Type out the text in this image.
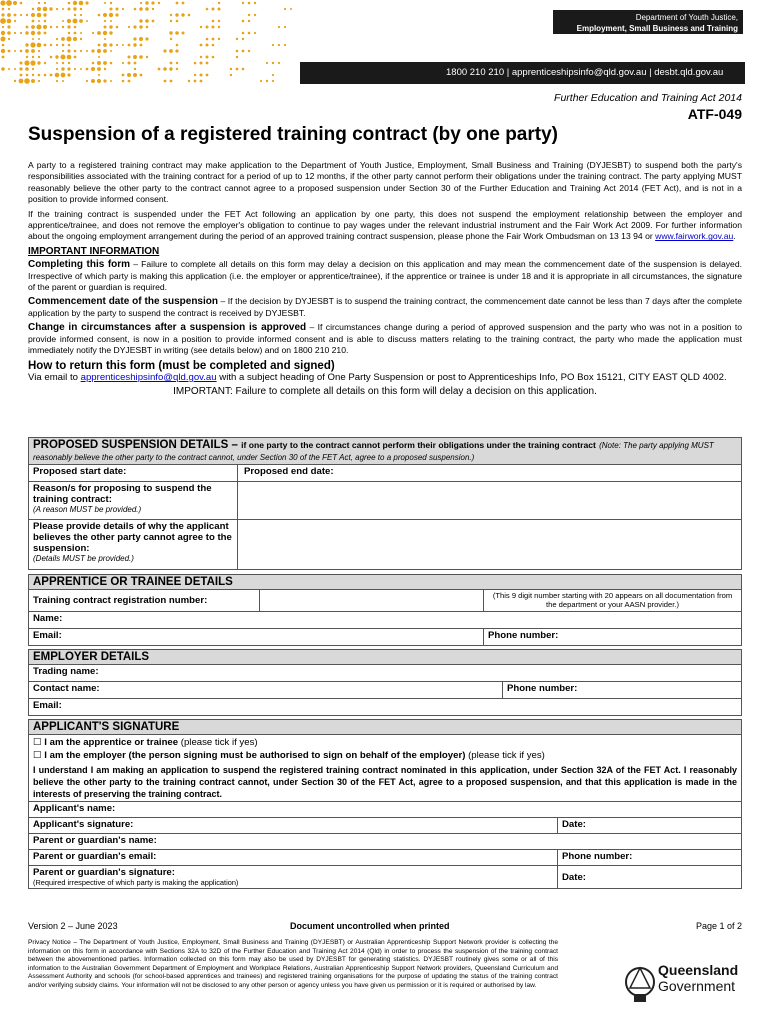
Department of Youth Justice,
Employment, Small Business and Training
1800 210 210 | apprenticeshipsinfo@qld.gov.au | desbt.qld.gov.au
Further Education and Training Act 2014
ATF-049
Suspension of a registered training contract (by one party)

A party to a registered training contract may make application to the Department of Youth Justice, Employment, Small Business and Training (DYJESBT) to suspend both the party's responsibilities associated with the training contract for a period of up to 12 months, if the other party cannot perform their obligations under the training contract. The party applying MUST reasonably believe the other party to the contract cannot agree to a proposed suspension under Section 30 of the Further Education and Training Act 2014 (FET Act), and is not in a position to provide informed consent.

If the training contract is suspended under the FET Act following an application by one party, this does not suspend the employment relationship between the employer and apprentice/trainee, and does not remove the employer's obligation to continue to pay wages under the relevant industrial instrument and the Fair Work Act 2009. For further information about the ongoing employment arrangement during the period of an approved training contract suspension, please phone the Fair Work Ombudsman on 13 13 94 or www.fairwork.gov.au.

IMPORTANT INFORMATION

Completing this form – Failure to complete all details on this form may delay a decision on this application and may mean the commencement date of the suspension is delayed. Irrespective of which party is making this application (i.e. the employer or apprentice/trainee), if the apprentice or trainee is under 18 and it is appropriate in all circumstances, the signature of the parent or guardian is required.

Commencement date of the suspension – If the decision by DYJESBT is to suspend the training contract, the commencement date cannot be less than 7 days after the complete application by the party to suspend the contract is received by DYJESBT.

Change in circumstances after a suspension is approved – If circumstances change during a period of approved suspension and the party who was not in a position to provide informed consent, is now in a position to provide informed consent and is able to discuss matters relating to the training contract, the party who made the application must immediately notify the DYJESBT in writing (see details below) and on 1800 210 210.

How to return this form (must be completed and signed)

Via email to apprenticeshipsinfo@qld.gov.au with a subject heading of One Party Suspension or post to Apprenticeships Info, PO Box 15121, CITY EAST QLD 4002.

IMPORTANT: Failure to complete all details on this form will delay a decision on this application.
PROPOSED SUSPENSION DETAILS – if one party to the contract cannot perform their obligations under the training contract (Note: The party applying MUST reasonably believe the other party to the contract cannot, under Section 30 of the FET Act, agree to a proposed suspension.)	
Proposed start date:	Proposed end date:

Reason/s for proposing to suspend the training contract:
(A reason MUST be provided.)	

Please provide details of why the applicant believes the other party cannot agree to the suspension:
(Details MUST be provided.)	

APPRENTICE OR TRAINEE DETAILS		
Training contract registration number:		(This 9 digit number starting with 20 appears on all documentation from the department or your AASN provider.)
Name:		
Email:		Phone number:
EMPLOYER DETAILS
Trading name:
Contact name:	Phone number:
Email:
APPLICANT'S SIGNATURE	

☐ I am the apprentice or trainee (please tick if yes)
☐ I am the employer (the person signing must be authorised to sign on behalf of the employer) (please tick if yes)
I understand I am making an application to suspend the registered training contract nominated in this application, under Section 32A of the FET Act. I reasonably believe the other party to the training contract cannot, under Section 30 of the FET Act, agree to a proposed suspension, and that this application is made in the interests of preserving the training contract.	

Applicant's name:	
Applicant's signature:	Date:
Parent or guardian's name:	
Parent or guardian's email:	Phone number:

Parent or guardian's signature:
(Required irrespective of which party is making the application)	Date:
Version 2 – June 2023	Document uncontrolled when printed	Page 1 of 2
Privacy Notice – The Department of Youth Justice, Employment, Small Business and Training (DYJESBT) or Australian Apprenticeship Support Network provider is collecting the information on this form in accordance with Sections 32A to 32D of the Further Education and Training Act 2014 (Qld) in order to process the suspension of the training contract between the abovementioned parties. Information collected on this form may also be used by DYJESBT for generating statistics. DYJESBT routinely gives some or all of this information to the Australian Government Department of Employment and Workplace Relations, Australian Apprenticeship Support Network providers, Queensland Curriculum and Assessment Authority and schools (for school-based apprentices and trainees) and registered training organisations for the purpose of updating the status of the training contract and/or verifying subsidy claims. Your information will not be disclosed to any other person or agency unless you have given us permission or it is required or authorised by law.
Queensland
Government
